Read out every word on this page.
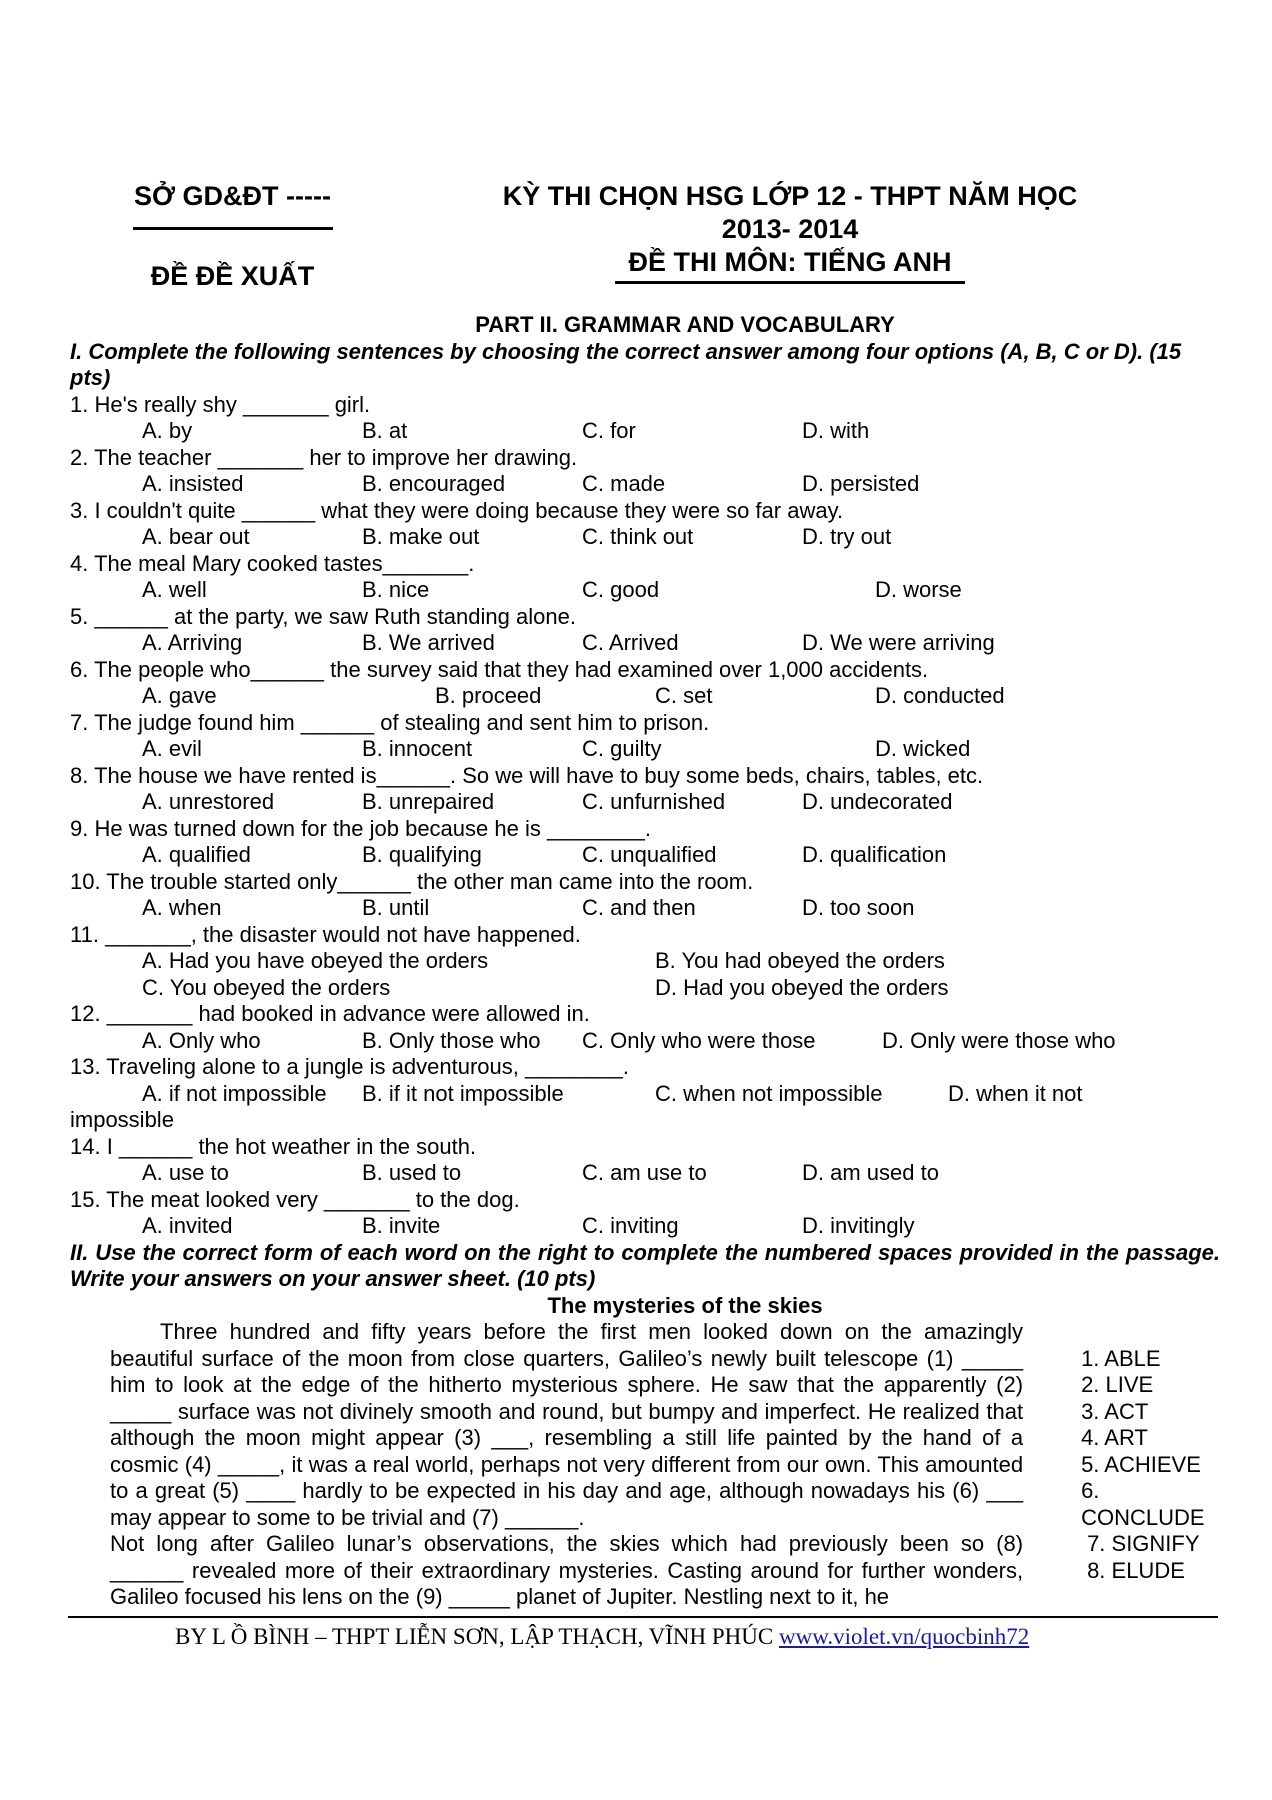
SỞ GD&ĐT -----
ĐỀ ĐỀ XUẤT
KỲ THI CHỌN HSG LỚP 12 - THPT NĂM HỌC
2013- 2014
ĐỀ THI MÔN: TIẾNG ANH
PART II. GRAMMAR AND VOCABULARY
I. Complete the following sentences by choosing the correct answer among four options (A, B, C or D). (15 pts)
1. He's really shy _______ girl.
A. by	B. at	C. for	D. with
2. The teacher _______ her to improve her drawing.
A. insisted	B. encouraged	C. made	D. persisted
3. I couldn't quite ______ what they were doing because they were so far away.
A. bear out	B. make out	C. think out	D. try out
4. The meal Mary cooked tastes_______.
A. well	B. nice	C. good	D. worse
5. ______ at the party, we saw Ruth standing alone.
A. Arriving	B. We arrived	C. Arrived	D. We were arriving
6. The people who______ the survey said that they had examined over 1,000 accidents.
A. gave	B. proceed	C. set	D. conducted
7. The judge found him ______ of stealing and sent him to prison.
A. evil	B. innocent	C. guilty	D. wicked
8. The house we have rented is______. So we will have to buy some beds, chairs, tables, etc.
A. unrestored	B. unrepaired	C. unfurnished	D. undecorated
9. He was turned down for the job because he is ________.
A. qualified	B. qualifying	C. unqualified	D. qualification
10. The trouble started only______ the other man came into the room.
A. when	B. until	C. and then	D. too soon
11. _______, the disaster would not have happened.
A. Had you have obeyed the orders	B. You had obeyed the orders
C. You obeyed the orders	D. Had you obeyed the orders
12. _______ had booked in advance were allowed in.
A. Only who	B. Only those who C. Only who were those	D. Only were those who
13. Traveling alone to a jungle is adventurous, ________.
A. if not impossible B. if it not impossible	C. when not impossible	D. when it not
impossible
14. I ______ the hot weather in the south.
A. use to	B. used to	C. am use to	D. am used to
15. The meat looked very _______ to the dog.
A. invited	B. invite	C. inviting	D. invitingly
II. Use the correct form of each word on the right to complete the numbered spaces provided in the passage. Write your answers on your answer sheet. (10 pts)
The mysteries of the skies

Three hundred and fifty years before the first men looked down on the amazingly beautiful surface of the moon from close quarters, Galileo’s newly built telescope (1) _____ him to look at the edge of the hitherto mysterious sphere. He saw that the apparently (2) _____ surface was not divinely smooth and round, but bumpy and imperfect. He realized that although the moon might appear (3) ___, resembling a still life painted by the hand of a cosmic (4) _____, it was a real world, perhaps not very different from our own. This amounted to a great (5) ____ hardly to be expected in his day and age, although nowadays his (6) ___ may appear to some to be trivial and (7) ______.

Not long after Galileo lunar’s observations, the skies which had previously been so (8) ______ revealed more of their extraordinary mysteries. Casting around for further wonders, Galileo focused his lens on the (9) _____ planet of Jupiter. Nestling next to it, he

1. ABLE
2. LIVE
3. ACT
4. ART
5. ACHIEVE
6.
CONCLUDE
7. SIGNIFY
8. ELUDE
BY L Ồ BÌNH – THPT LIỄN SƠN, LẬP THẠCH, VĨNH PHÚC www.violet.vn/quocbinh72
